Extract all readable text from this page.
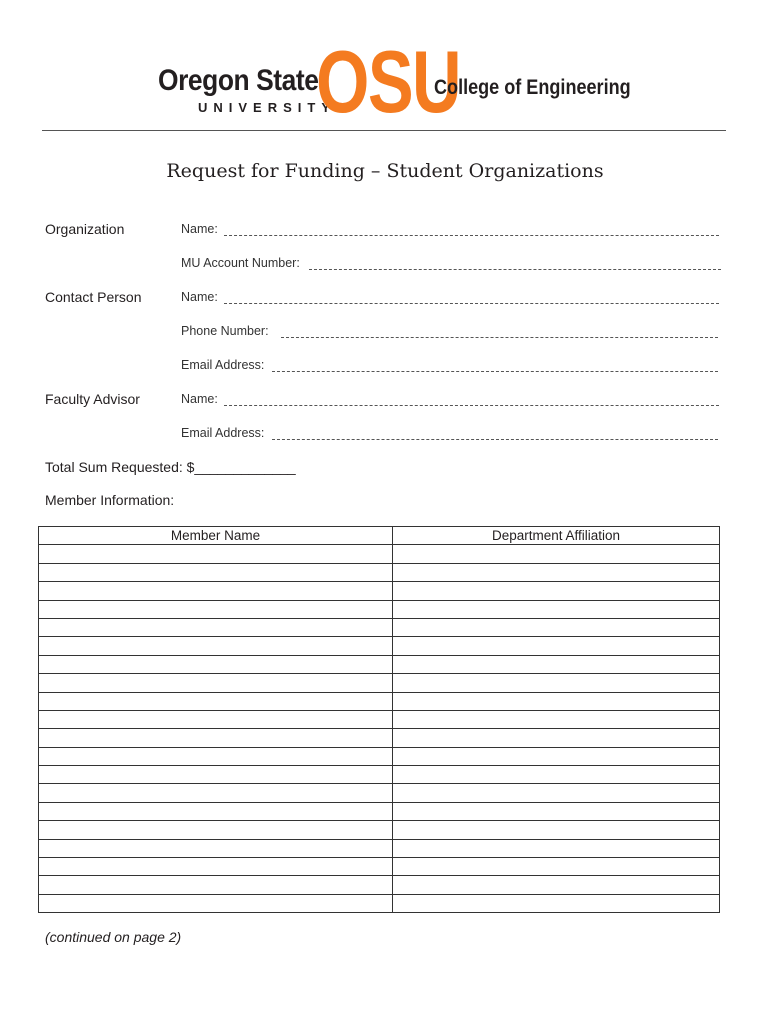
Oregon State
UNIVERSITY
OSU
College of Engineering
Request for Funding – Student Organizations
Organization	Name:
MU Account Number:
Contact Person	Name:
Phone Number:
Email Address:
Faculty Advisor	Name:
Email Address:
Total Sum Requested: $_____________
Member Information:
Member Name	Department Affiliation

(continued on page 2)
